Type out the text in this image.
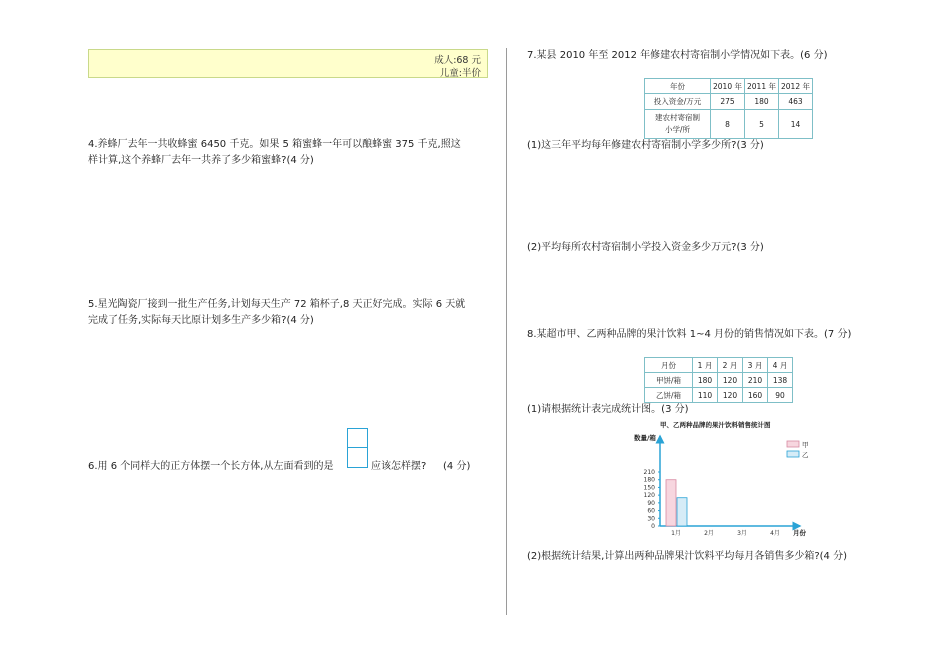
成人:68 元
儿童:半价
4.养蜂厂去年一共收蜂蜜 6450 千克。如果 5 箱蜜蜂一年可以酿蜂蜜 375 千克,照这
样计算,这个养蜂厂去年一共养了多少箱蜜蜂?(4 分)
5.星光陶瓷厂接到一批生产任务,计划每天生产 72 箱杯子,8 天正好完成。实际 6 天就
完成了任务,实际每天比原计划多生产多少箱?(4 分)
6.用 6 个同样大的正方体摆一个长方体,从左面看到的是	应该怎样摆? (4 分)
7.某县 2010 年至 2012 年修建农村寄宿制小学情况如下表。(6 分)
年份	2010 年	2011 年	2012 年
投入资金/万元	275	180	463

建农村寄宿制
小学/所	8	5	14
(1)这三年平均每年修建农村寄宿制小学多少所?(3 分)
(2)平均每所农村寄宿制小学投入资金多少万元?(3 分)
8.某超市甲、乙两种品牌的果汁饮料 1~4 月份的销售情况如下表。(7 分)
月份	1 月	2 月	3 月	4 月
甲饼/箱	180	120	210	138
乙饼/箱	110	120	160	90
(1)请根据统计表完成统计图。(3 分)
甲、乙两种品牌的果汁饮料销售统计图
数量/箱
月份
0
30
60
90
120
150
180
210
1月	2月	3月	4月
甲
乙
(2)根据统计结果,计算出两种品牌果汁饮料平均每月各销售多少箱?(4 分)
